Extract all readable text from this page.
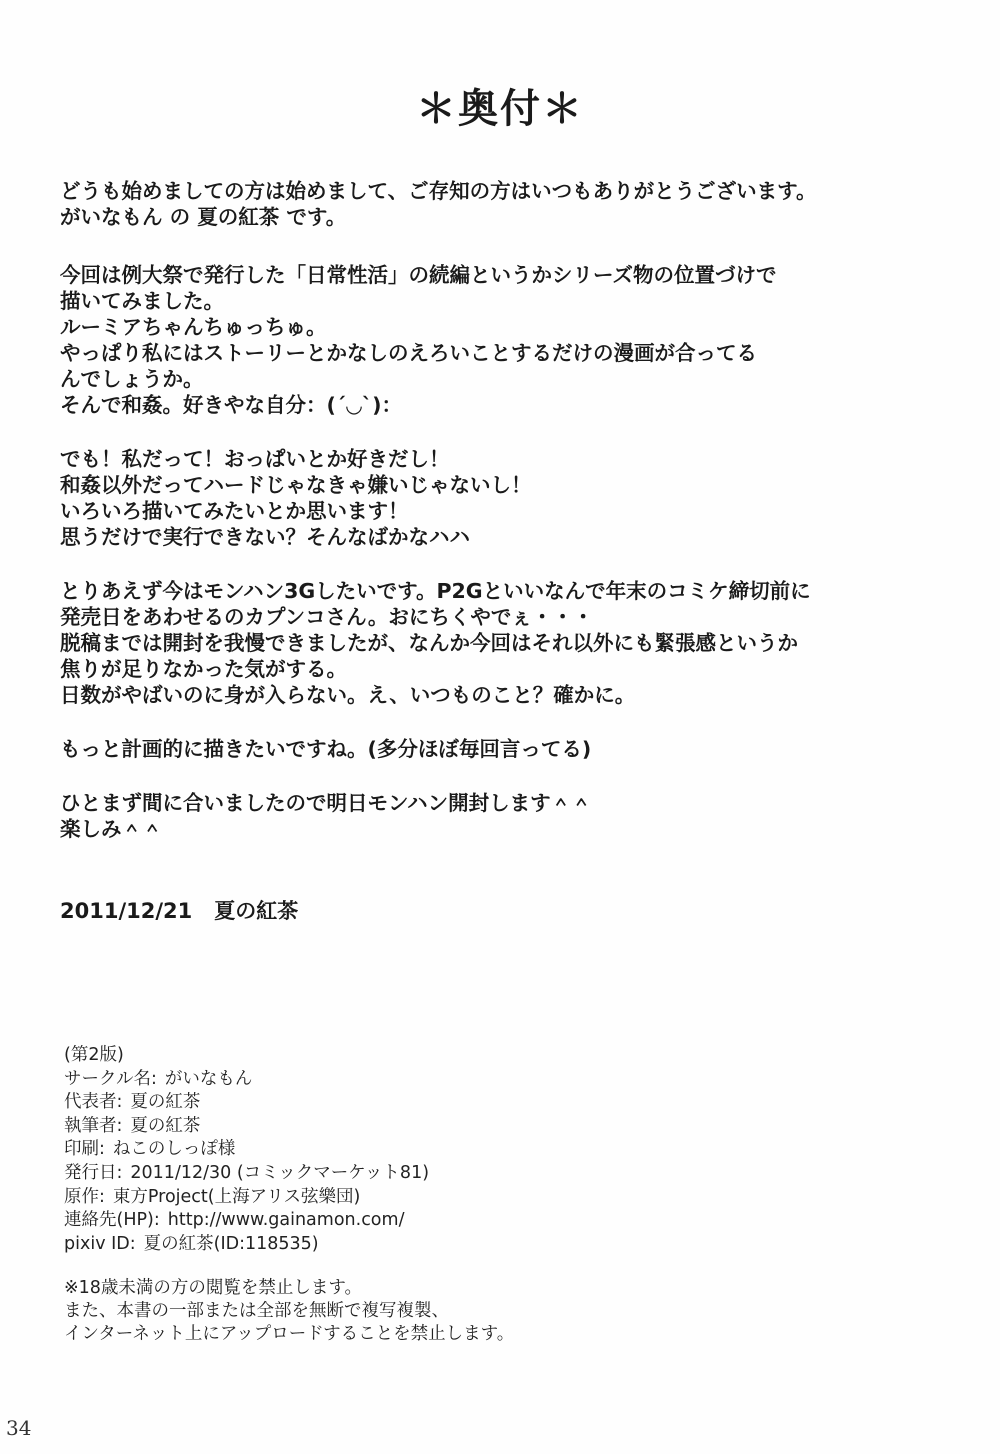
＊奥付＊
どうも始めましての方は始めまして、ご存知の方はいつもありがとうございます。
がいなもん の 夏の紅茶 です。
今回は例大祭で発行した「日常性活」の続編というかシリーズ物の位置づけで
描いてみました。
ルーミアちゃんちゅっちゅ。
やっぱり私にはストーリーとかなしのえろいことするだけの漫画が合ってる
んでしょうか。
そんで和姦。好きやな自分：(´◡`)：
でも！私だって！おっぱいとか好きだし！
和姦以外だってハードじゃなきゃ嫌いじゃないし！
いろいろ描いてみたいとか思います！
思うだけで実行できない？そんなばかなハハ
とりあえず今はモンハン3Gしたいです。P2Gといいなんで年末のコミケ締切前に
発売日をあわせるのカプンコさん。おにちくやでぇ・・・
脱稿までは開封を我慢できましたが、なんか今回はそれ以外にも緊張感というか
焦りが足りなかった気がする。
日数がやばいのに身が入らない。え、いつものこと？確かに。
もっと計画的に描きたいですね。(多分ほぼ毎回言ってる)
ひとまず間に合いましたので明日モンハン開封します＾＾
楽しみ＾＾
2011/12/21 夏の紅茶
(第2版)
サークル名: がいなもん
代表者: 夏の紅茶
執筆者: 夏の紅茶
印刷: ねこのしっぽ様
発行日: 2011/12/30 (コミックマーケット81)
原作: 東方Project(上海アリス弦樂団)
連絡先(HP): http://www.gainamon.com/
pixiv ID: 夏の紅茶(ID:118535)
※18歳未満の方の閲覧を禁止します。
また、本書の一部または全部を無断で複写複製、
インターネット上にアップロードすることを禁止します。
34
